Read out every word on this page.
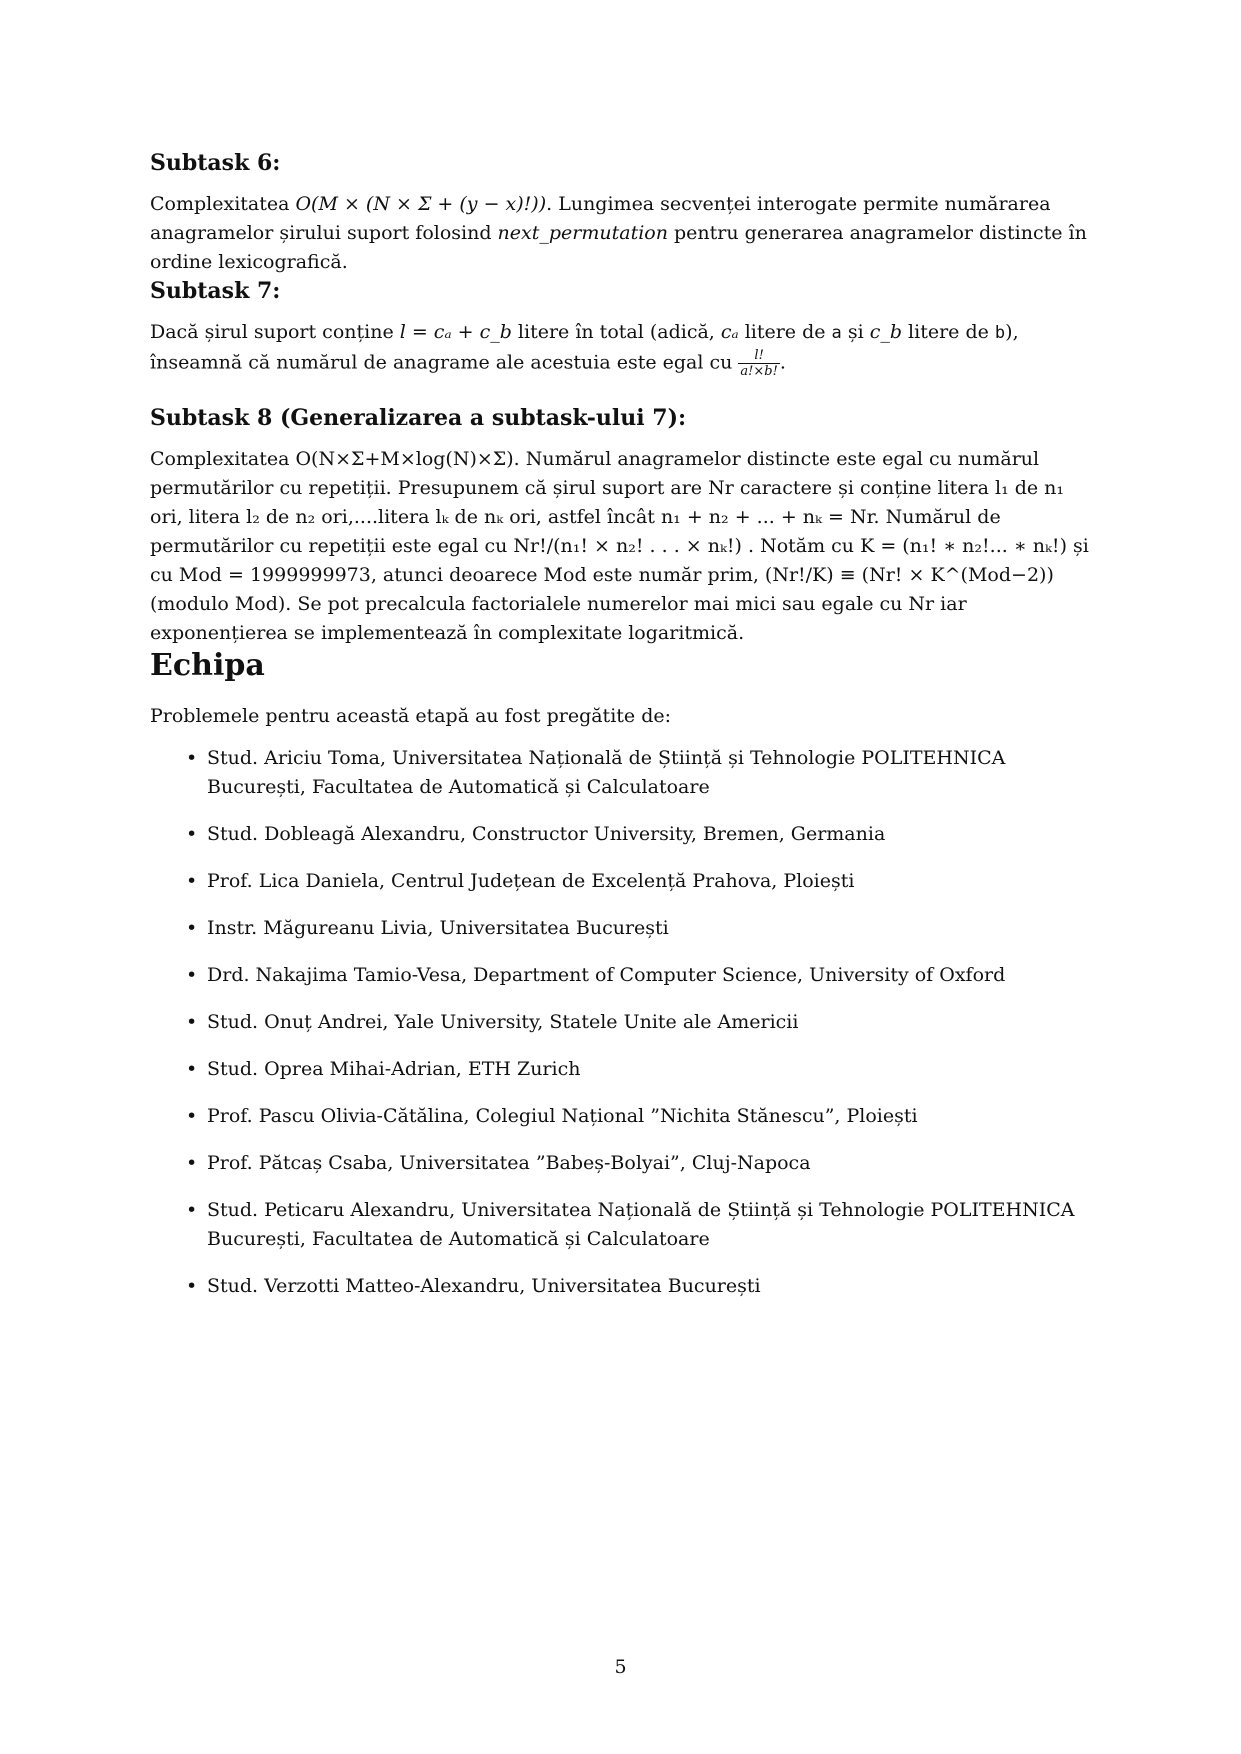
Subtask 6:
Complexitatea O(M × (N × Σ + (y − x)!)). Lungimea secvenței interogate permite numărarea anagramelor șirului suport folosind next_permutation pentru generarea anagramelor distincte în ordine lexicografică.
Subtask 7:
Dacă șirul suport conține l = cₐ + c_b litere în total (adică, cₐ litere de a și c_b litere de b), înseamnă că numărul de anagrame ale acestuia este egal cu $\frac{l!}{a!\times b!}$ .
Subtask 8 (Generalizarea a subtask-ului 7):
Complexitatea O(N×Σ+M×log(N)×Σ). Numărul anagramelor distincte este egal cu numărul permutărilor cu repetiții. Presupunem că șirul suport are Nr caractere și conține litera l₁ de n₁ ori, litera l₂ de n₂ ori,....litera lₖ de nₖ ori, astfel încât n₁ + n₂ + ... + nₖ = Nr. Numărul de permutărilor cu repetiții este egal cu Nr!/(n₁! × n₂! . . . × nₖ!) . Notăm cu K = (n₁! ∗ n₂!... ∗ nₖ!) și cu Mod = 1999999973, atunci deoarece Mod este număr prim, (Nr!/K) ≡ (Nr! × K^(Mod−2)) (modulo Mod). Se pot precalcula factorialele numerelor mai mici sau egale cu Nr iar exponențierea se implementează în complexitate logaritmică.
Echipa
Problemele pentru această etapă au fost pregătite de:
• Stud. Ariciu Toma, Universitatea Națională de Știință și Tehnologie POLITEHNICA București, Facultatea de Automatică și Calculatoare
• Stud. Dobleagă Alexandru, Constructor University, Bremen, Germania
• Prof. Lica Daniela, Centrul Județean de Excelență Prahova, Ploiești
• Instr. Măgureanu Livia, Universitatea București
• Drd. Nakajima Tamio-Vesa, Department of Computer Science, University of Oxford
• Stud. Onuț Andrei, Yale University, Statele Unite ale Americii
• Stud. Oprea Mihai-Adrian, ETH Zurich
• Prof. Pascu Olivia-Cătălina, Colegiul Național ”Nichita Stănescu”, Ploiești
• Prof. Pătcaș Csaba, Universitatea ”Babeș-Bolyai”, Cluj-Napoca
• Stud. Peticaru Alexandru, Universitatea Națională de Știință și Tehnologie POLITEHNICA București, Facultatea de Automatică și Calculatoare
• Stud. Verzotti Matteo-Alexandru, Universitatea București
5
